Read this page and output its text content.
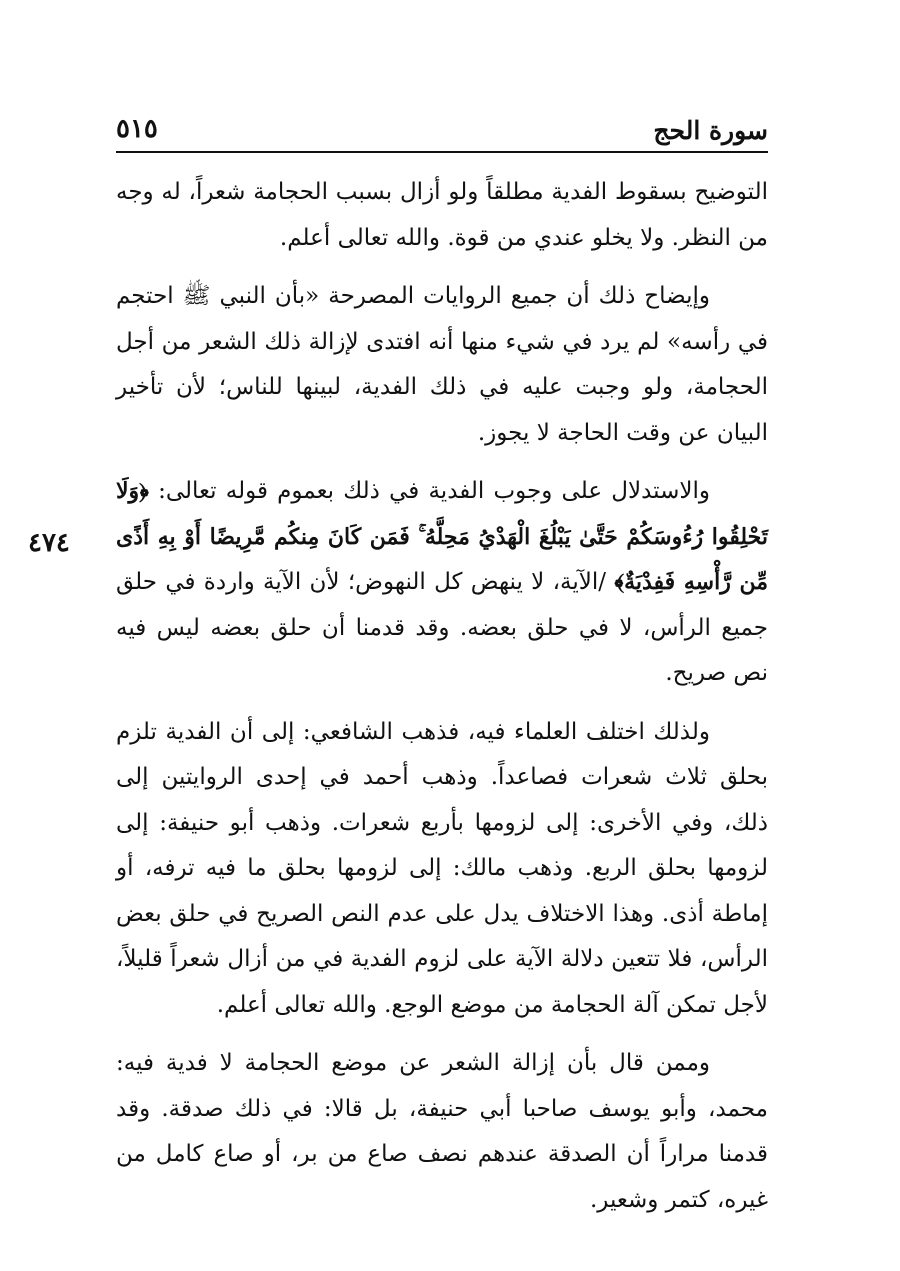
سورة الحج
٥١٥
٤٧٤

التوضيح بسقوط الفدية مطلقاً ولو أزال بسبب الحجامة شعراً، له وجه من النظر. ولا يخلو عندي من قوة. والله تعالى أعلم.

وإيضاح ذلك أن جميع الروايات المصرحة «بأن النبي ﷺ احتجم في رأسه» لم يرد في شيء منها أنه افتدى لإزالة ذلك الشعر من أجل الحجامة، ولو وجبت عليه في ذلك الفدية، لبينها للناس؛ لأن تأخير البيان عن وقت الحاجة لا يجوز.

والاستدلال على وجوب الفدية في ذلك بعموم قوله تعالى: ﴿وَلَا تَحْلِقُوا رُءُوسَكُمْ حَتَّىٰ يَبْلُغَ الْهَدْيُ مَحِلَّهُ ۚ فَمَن كَانَ مِنكُم مَّرِيضًا أَوْ بِهِ أَذًى مِّن رَّأْسِهِ فَفِدْيَةٌ﴾ /الآية، لا ينهض كل النهوض؛ لأن الآية واردة في حلق جميع الرأس، لا في حلق بعضه. وقد قدمنا أن حلق بعضه ليس فيه نص صريح.

ولذلك اختلف العلماء فيه، فذهب الشافعي: إلى أن الفدية تلزم بحلق ثلاث شعرات فصاعداً. وذهب أحمد في إحدى الروايتين إلى ذلك، وفي الأخرى: إلى لزومها بأربع شعرات. وذهب أبو حنيفة: إلى لزومها بحلق الربع. وذهب مالك: إلى لزومها بحلق ما فيه ترفه، أو إماطة أذى. وهذا الاختلاف يدل على عدم النص الصريح في حلق بعض الرأس، فلا تتعين دلالة الآية على لزوم الفدية في من أزال شعراً قليلاً، لأجل تمكن آلة الحجامة من موضع الوجع. والله تعالى أعلم.

وممن قال بأن إزالة الشعر عن موضع الحجامة لا فدية فيه: محمد، وأبو يوسف صاحبا أبي حنيفة، بل قالا: في ذلك صدقة. وقد قدمنا مراراً أن الصدقة عندهم نصف صاع من بر، أو صاع كامل من غيره، كتمر وشعير.
